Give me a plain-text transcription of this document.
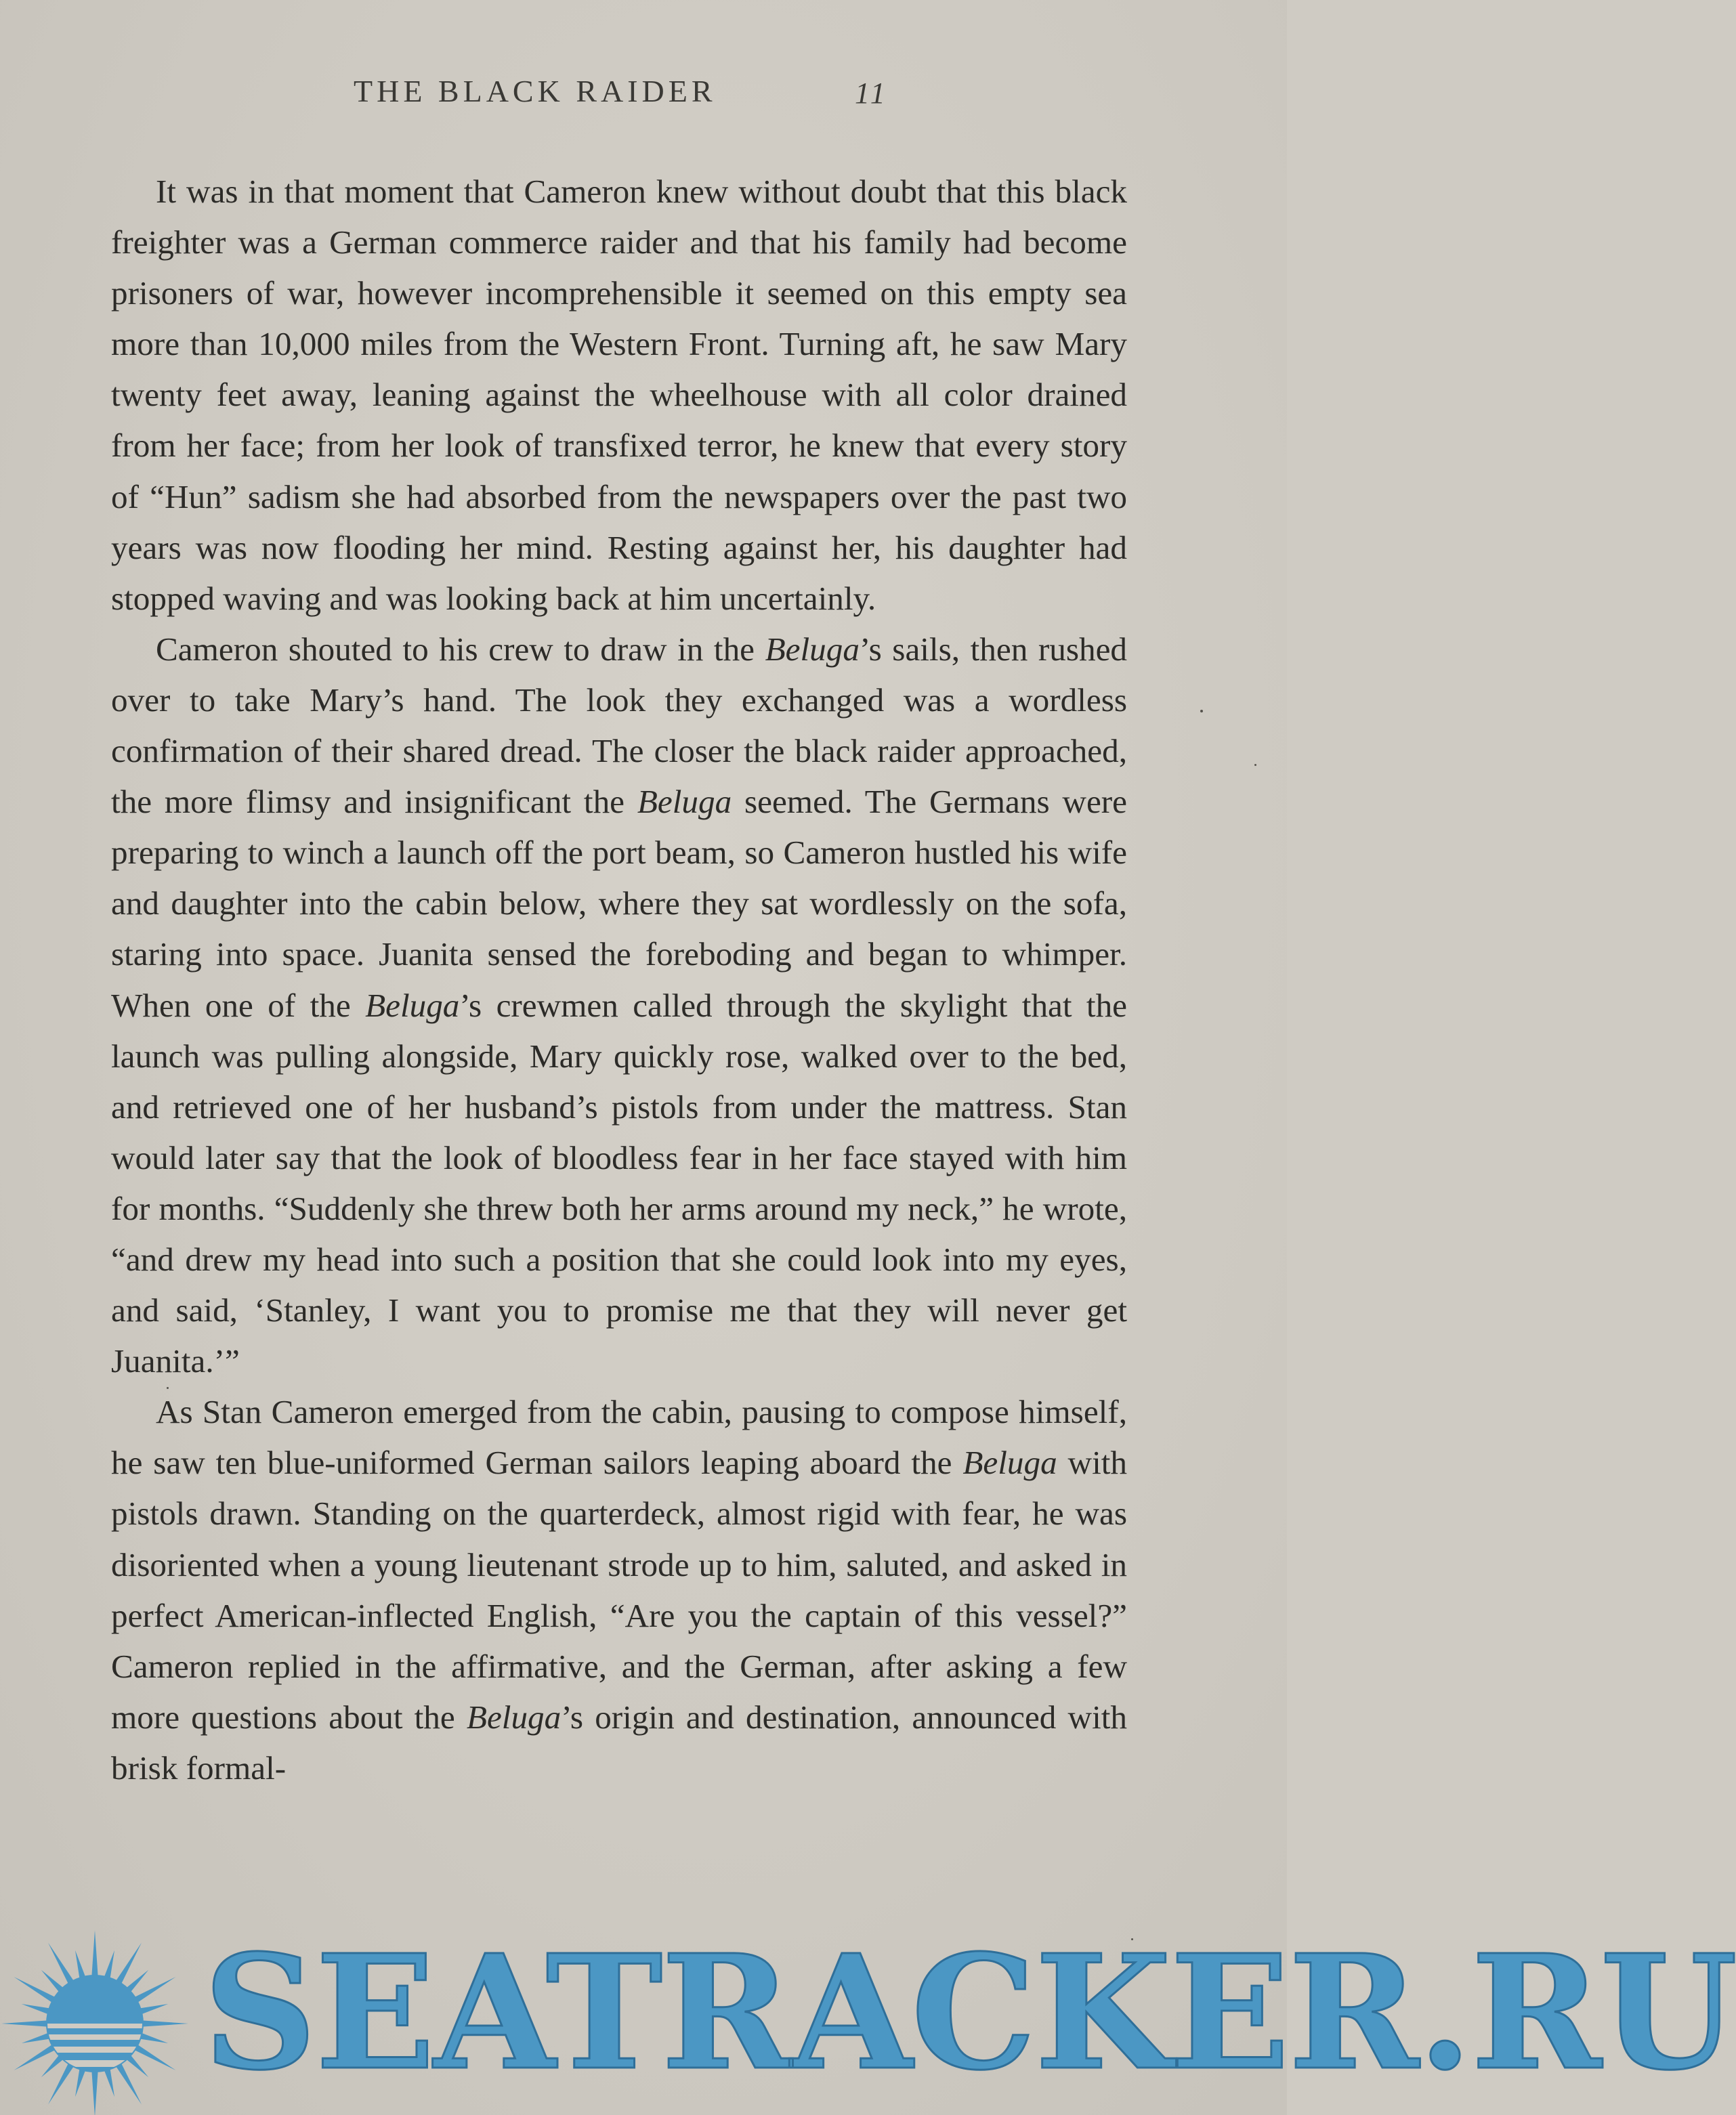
THE BLACK RAIDER	11

It was in that moment that Cameron knew without doubt that this black freighter was a German commerce raider and that his family had become prisoners of war, however incomprehensible it seemed on this empty sea more than 10,000 miles from the Western Front. Turning aft, he saw Mary twenty feet away, leaning against the wheelhouse with all color drained from her face; from her look of transfixed terror, he knew that every story of “Hun” sadism she had absorbed from the newspapers over the past two years was now flooding her mind. Resting against her, his daughter had stopped waving and was looking back at him uncertainly.

Cameron shouted to his crew to draw in the Beluga’s sails, then rushed over to take Mary’s hand. The look they exchanged was a wordless confirmation of their shared dread. The closer the black raider approached, the more flimsy and insignificant the Beluga seemed. The Germans were preparing to winch a launch off the port beam, so Cameron hustled his wife and daughter into the cabin below, where they sat wordlessly on the sofa, staring into space. Juanita sensed the foreboding and began to whimper. When one of the Beluga’s crewmen called through the skylight that the launch was pulling alongside, Mary quickly rose, walked over to the bed, and retrieved one of her husband’s pistols from under the mattress. Stan would later say that the look of bloodless fear in her face stayed with him for months. “Suddenly she threw both her arms around my neck,” he wrote, “and drew my head into such a position that she could look into my eyes, and said, ‘Stanley, I want you to promise me that they will never get Juanita.’”

As Stan Cameron emerged from the cabin, pausing to compose himself, he saw ten blue-uniformed German sailors leaping aboard the Beluga with pistols drawn. Standing on the quarterdeck, almost rigid with fear, he was disoriented when a young lieutenant strode up to him, saluted, and asked in perfect American-inflected English, “Are you the captain of this vessel?” Cameron replied in the affirmative, and the German, after asking a few more questions about the Beluga’s origin and destination, announced with brisk formal-

SEATRACKER.RU
